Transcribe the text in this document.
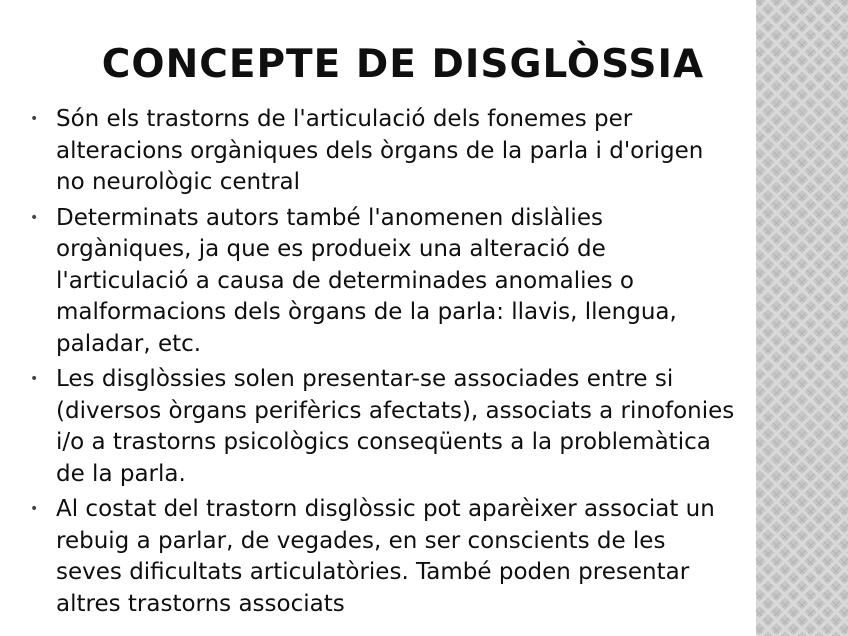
CONCEPTE DE DISGLÒSSIA
• Són els trastorns de l'articulació dels fonemes per alteracions orgàniques dels òrgans de la parla i d'origen no neurològic central
• Determinats autors també l'anomenen dislàlies orgàniques, ja que es produeix una alteració de l'articulació a causa de determinades anomalies o malformacions dels òrgans de la parla: llavis, llengua, paladar, etc.
• Les disglòssies solen presentar-se associades entre si (diversos òrgans perifèrics afectats), associats a rinofonies i/o a trastorns psicològics conseqüents a la problemàtica de la parla.
• Al costat del trastorn disglòssic pot aparèixer associat un rebuig a parlar, de vegades, en ser conscients de les seves dificultats articulatòries. També poden presentar altres trastorns associats
